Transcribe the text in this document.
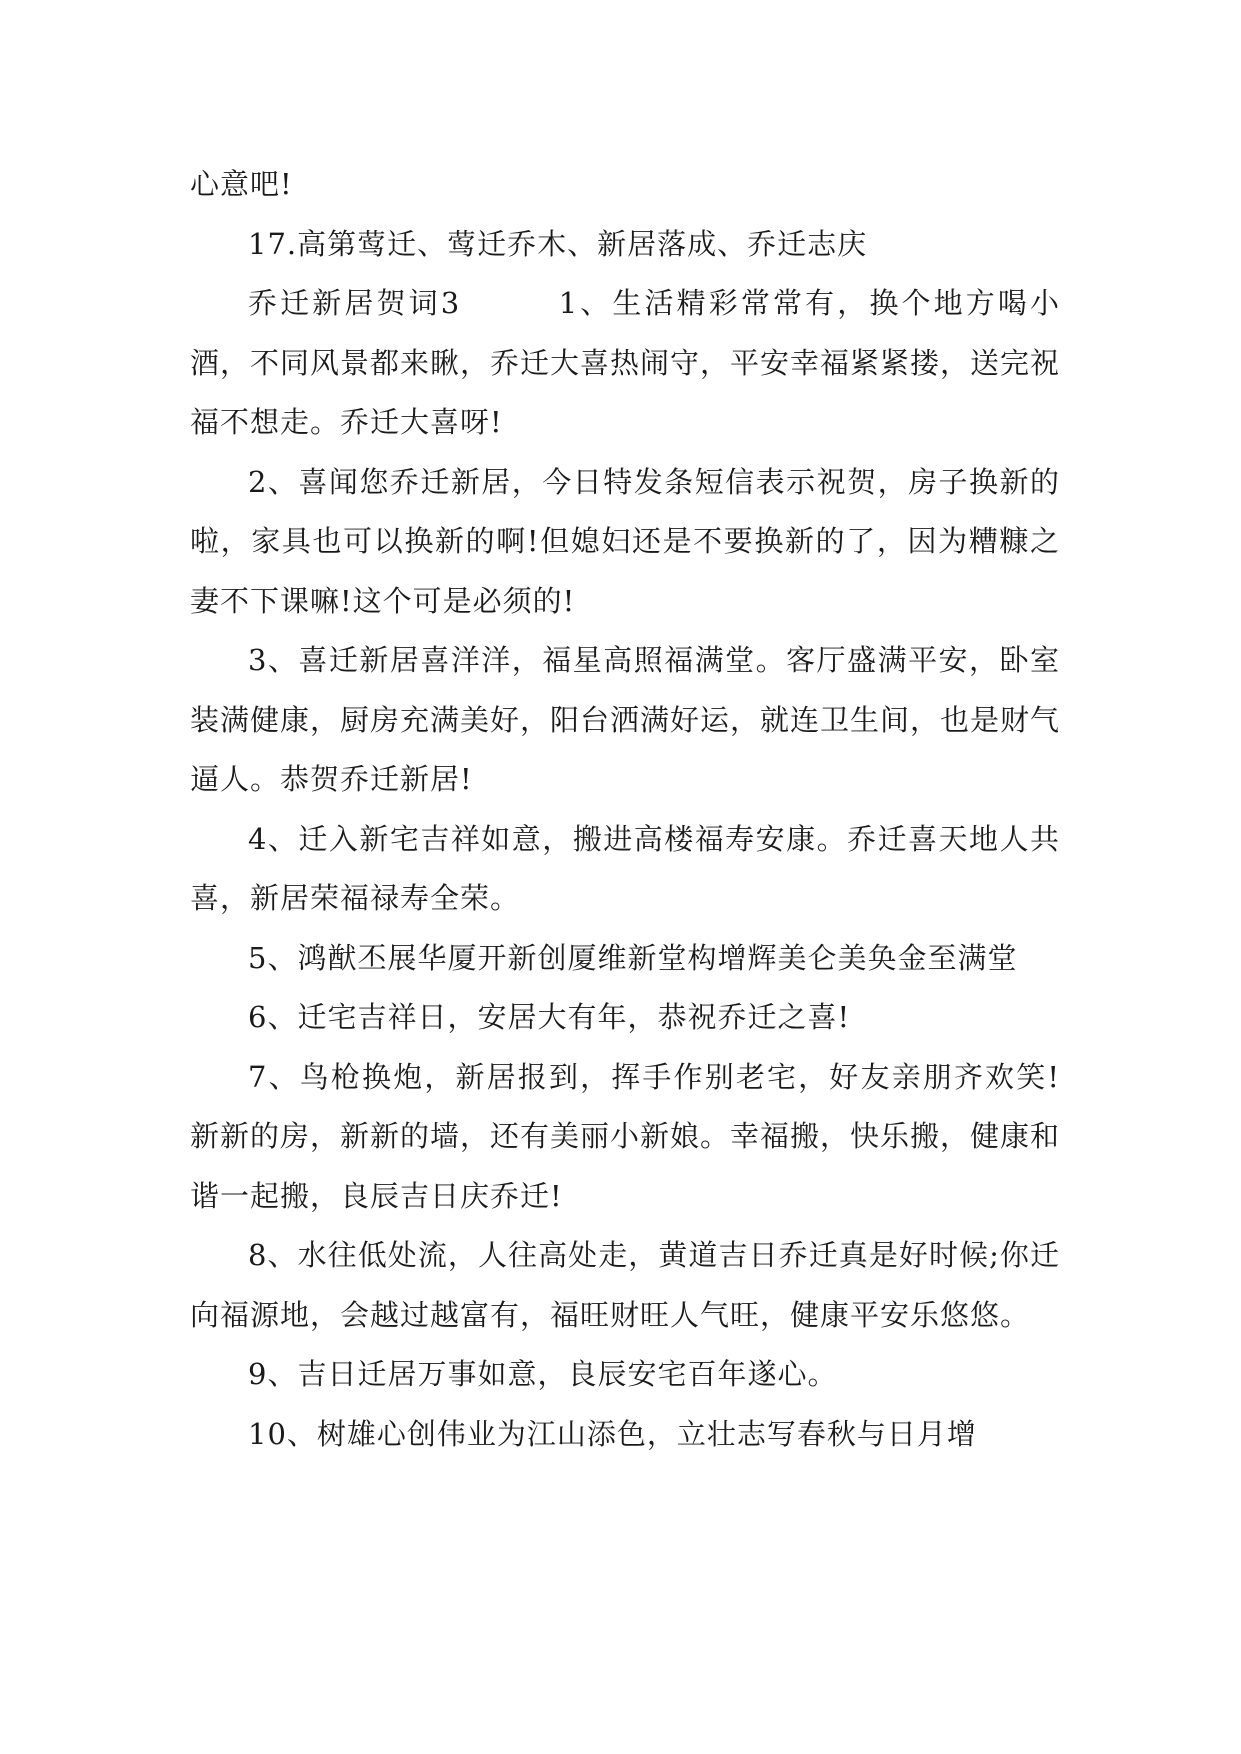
心意吧!

17.高第莺迁、莺迁乔木、新居落成、乔迁志庆

乔迁新居贺词3　　　1、生活精彩常常有，换个地方喝小酒，不同风景都来瞅，乔迁大喜热闹守，平安幸福紧紧搂，送完祝福不想走。乔迁大喜呀!

2、喜闻您乔迁新居，今日特发条短信表示祝贺，房子换新的啦，家具也可以换新的啊!但媳妇还是不要换新的了，因为糟糠之妻不下课嘛!这个可是必须的!

3、喜迁新居喜洋洋，福星高照福满堂。客厅盛满平安，卧室装满健康，厨房充满美好，阳台洒满好运，就连卫生间，也是财气逼人。恭贺乔迁新居!

4、迁入新宅吉祥如意，搬进高楼福寿安康。乔迁喜天地人共喜，新居荣福禄寿全荣。

5、鸿猷丕展华厦开新创厦维新堂构增辉美仑美奂金至满堂

6、迁宅吉祥日，安居大有年，恭祝乔迁之喜!

7、鸟枪换炮，新居报到，挥手作别老宅，好友亲朋齐欢笑!新新的房，新新的墙，还有美丽小新娘。幸福搬，快乐搬，健康和谐一起搬，良辰吉日庆乔迁!

8、水往低处流，人往高处走，黄道吉日乔迁真是好时候;你迁向福源地，会越过越富有，福旺财旺人气旺，健康平安乐悠悠。

9、吉日迁居万事如意，良辰安宅百年遂心。

10、树雄心创伟业为江山添色，立壮志写春秋与日月增
